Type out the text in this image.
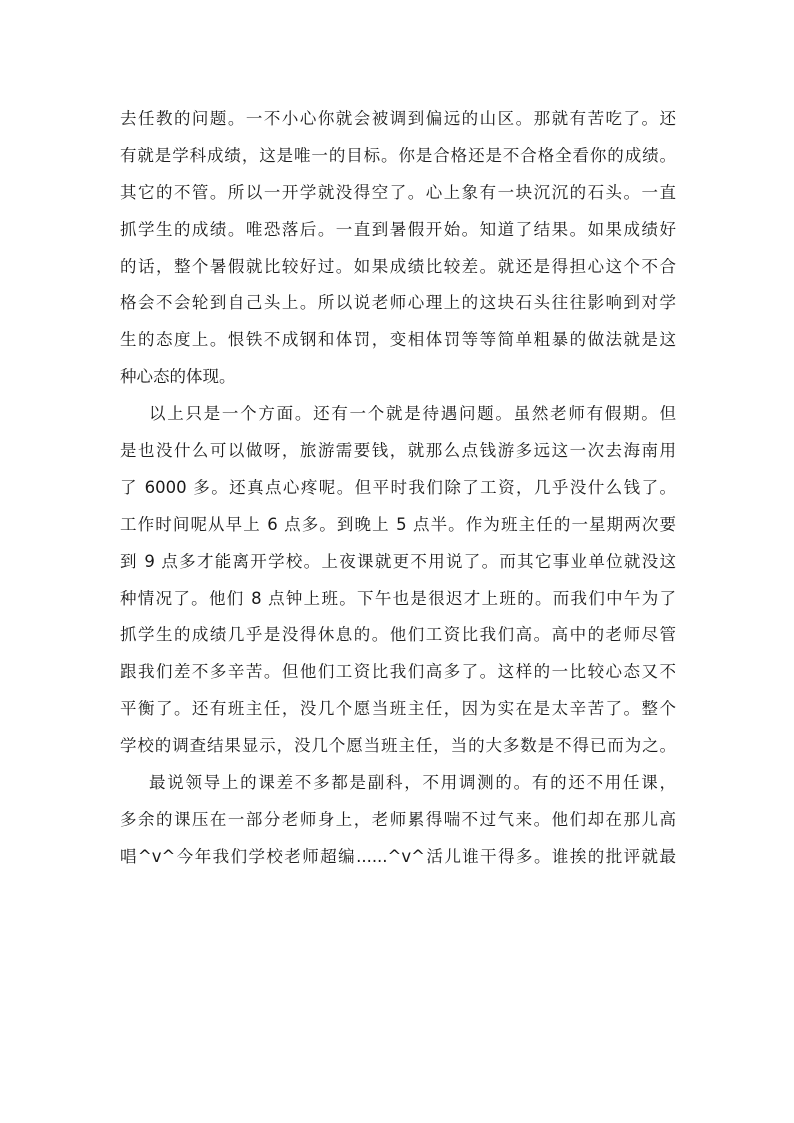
去任教的问题。一不小心你就会被调到偏远的山区。那就有苦吃了。还
有就是学科成绩，这是唯一的目标。你是合格还是不合格全看你的成绩。
其它的不管。所以一开学就没得空了。心上象有一块沉沉的石头。一直
抓学生的成绩。唯恐落后。一直到暑假开始。知道了结果。如果成绩好
的话，整个暑假就比较好过。如果成绩比较差。就还是得担心这个不合
格会不会轮到自己头上。所以说老师心理上的这块石头往往影响到对学
生的态度上。恨铁不成钢和体罚，变相体罚等等简单粗暴的做法就是这
种心态的体现。
以上只是一个方面。还有一个就是待遇问题。虽然老师有假期。但
是也没什么可以做呀，旅游需要钱，就那么点钱游多远这一次去海南用
了 6000 多。还真点心疼呢。但平时我们除了工资，几乎没什么钱了。
工作时间呢从早上 6 点多。到晚上 5 点半。作为班主任的一星期两次要
到 9 点多才能离开学校。上夜课就更不用说了。而其它事业单位就没这
种情况了。他们 8 点钟上班。下午也是很迟才上班的。而我们中午为了
抓学生的成绩几乎是没得休息的。他们工资比我们高。高中的老师尽管
跟我们差不多辛苦。但他们工资比我们高多了。这样的一比较心态又不
平衡了。还有班主任，没几个愿当班主任，因为实在是太辛苦了。整个
学校的调查结果显示，没几个愿当班主任，当的大多数是不得已而为之。
最说领导上的课差不多都是副科，不用调测的。有的还不用任课，
多余的课压在一部分老师身上，老师累得喘不过气来。他们却在那儿高
唱^v^今年我们学校老师超编......^v^活儿谁干得多。谁挨的批评就最
